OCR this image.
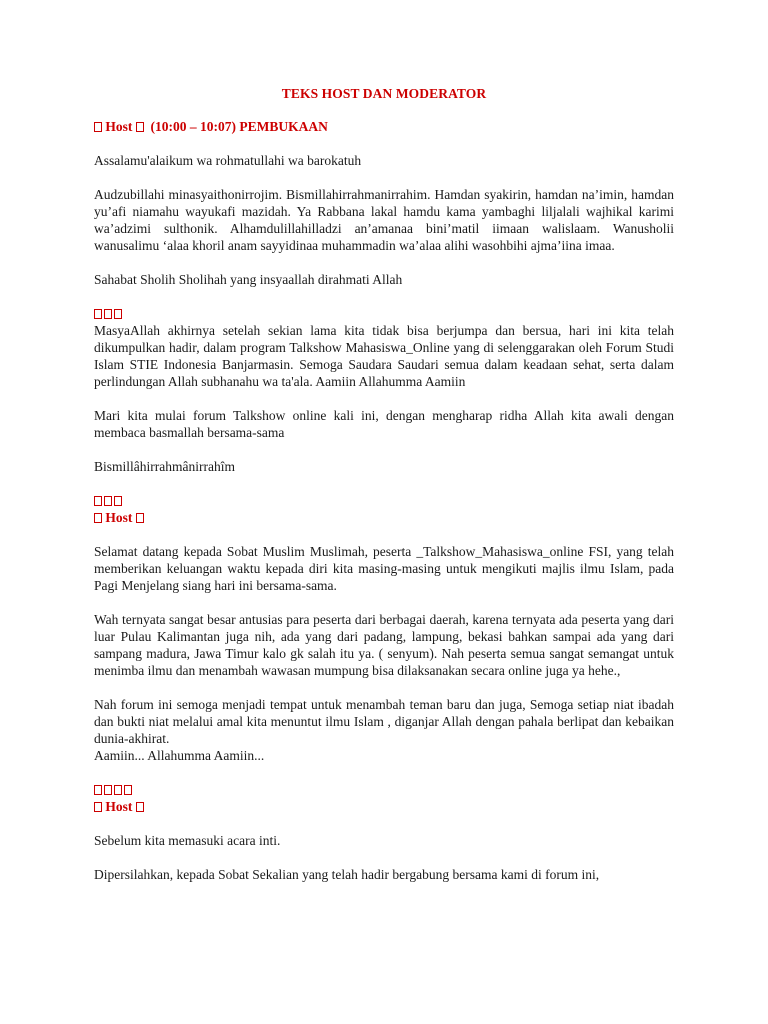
TEKS HOST DAN MODERATOR
Host (10:00 – 10:07) PEMBUKAAN

Assalamu'alaikum wa rohmatullahi wa barokatuh

Audzubillahi minasyaithonirrojim. Bismillahirrahmanirrahim. Hamdan syakirin, hamdan na’imin, hamdan yu’afi niamahu wayukafi mazidah. Ya Rabbana lakal hamdu kama yambaghi liljalali wajhikal karimi wa’adzimi sulthonik. Alhamdulillahilladzi an’amanaa bini’matil iimaan walislaam. Wanusholii wanusalimu ‘alaa khoril anam sayyidinaa muhammadin wa’alaa alihi wasohbihi ajma’iina imaa.

Sahabat Sholih Sholihah yang insyaallah dirahmati Allah

MasyaAllah akhirnya setelah sekian lama kita tidak bisa berjumpa dan bersua, hari ini kita telah dikumpulkan hadir, dalam program Talkshow Mahasiswa_Online yang di selenggarakan oleh Forum Studi Islam STIE Indonesia Banjarmasin. Semoga Saudara Saudari semua dalam keadaan sehat, serta dalam perlindungan Allah subhanahu wa ta'ala. Aamiin Allahumma Aamiin

Mari kita mulai forum Talkshow online kali ini, dengan mengharap ridha Allah kita awali dengan membaca basmallah bersama-sama

Bismillâhirrahmânirrahîm

Host

Selamat datang kepada Sobat Muslim Muslimah, peserta _Talkshow_Mahasiswa_online FSI, yang telah memberikan keluangan waktu kepada diri kita masing-masing untuk mengikuti majlis ilmu Islam, pada Pagi Menjelang siang hari ini bersama-sama.

Wah ternyata sangat besar antusias para peserta dari berbagai daerah, karena ternyata ada peserta yang dari luar Pulau Kalimantan juga nih, ada yang dari padang, lampung, bekasi bahkan sampai ada yang dari sampang madura, Jawa Timur kalo gk salah itu ya. ( senyum). Nah peserta semua sangat semangat untuk menimba ilmu dan menambah wawasan mumpung bisa dilaksanakan secara online juga ya hehe.,

Nah forum ini semoga menjadi tempat untuk menambah teman baru dan juga, Semoga setiap niat ibadah dan bukti niat melalui amal kita menuntut ilmu Islam , diganjar Allah dengan pahala berlipat dan kebaikan dunia-akhirat.

Aamiin... Allahumma Aamiin...

Host

Sebelum kita memasuki acara inti.

Dipersilahkan, kepada Sobat Sekalian yang telah hadir bergabung bersama kami di forum ini,
